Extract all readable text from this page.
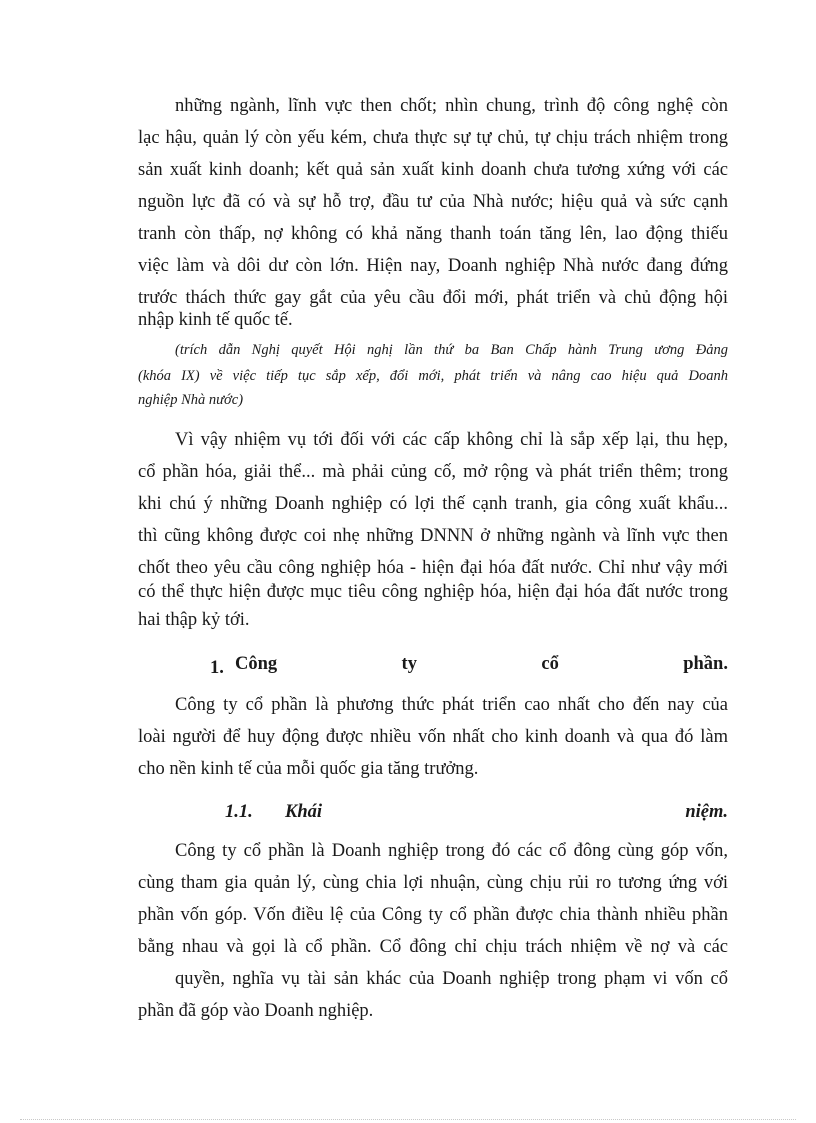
những ngành, lĩnh vực then chốt; nhìn chung, trình độ công nghệ còn
lạc hậu, quản lý còn yếu kém, chưa thực sự tự chủ, tự chịu trách nhiệm trong
sản xuất kinh doanh; kết quả sản xuất kinh doanh chưa tương xứng với các
nguồn lực đã có và sự hỗ trợ, đầu tư của Nhà nước; hiệu quả và sức cạnh
tranh còn thấp, nợ không có khả năng thanh toán tăng lên, lao động thiếu
việc làm và dôi dư còn lớn. Hiện nay, Doanh nghiệp Nhà nước đang đứng
trước thách thức gay gắt của yêu cầu đổi mới, phát triển và chủ động hội
nhập kinh tế quốc tế.
(trích dẫn Nghị quyết Hội nghị lần thứ ba Ban Chấp hành Trung ương Đảng
(khóa IX) về việc tiếp tục sắp xếp, đổi mới, phát triển và nâng cao hiệu quả Doanh
nghiệp Nhà nước)
Vì vậy nhiệm vụ tới đối với các cấp không chỉ là sắp xếp lại, thu hẹp,
cổ phần hóa, giải thể... mà phải củng cố, mở rộng và phát triển thêm; trong
khi chú ý những Doanh nghiệp có lợi thế cạnh tranh, gia công xuất khẩu...
thì cũng không được coi nhẹ những DNNN ở những ngành và lĩnh vực then
chốt theo yêu cầu công nghiệp hóa - hiện đại hóa đất nước. Chỉ như vậy mới
có thể thực hiện được mục tiêu công nghiệp hóa, hiện đại hóa đất nước trong
hai thập kỷ tới.
1. Công	ty	cổ	phần.
Công ty cổ phần là phương thức phát triển cao nhất cho đến nay của
loài người để huy động được nhiều vốn nhất cho kinh doanh và qua đó làm
cho nền kinh tế của mỗi quốc gia tăng trưởng.
1.1. Khái	niệm.
Công ty cổ phần là Doanh nghiệp trong đó các cổ đông cùng góp vốn,
cùng tham gia quản lý, cùng chia lợi nhuận, cùng chịu rủi ro tương ứng với
phần vốn góp. Vốn điều lệ của Công ty cổ phần được chia thành nhiều phần
bằng nhau và gọi là cổ phần. Cổ đông chỉ chịu trách nhiệm về nợ và các
quyền, nghĩa vụ tài sản khác của Doanh nghiệp trong phạm vi vốn cổ
phần đã góp vào Doanh nghiệp.
